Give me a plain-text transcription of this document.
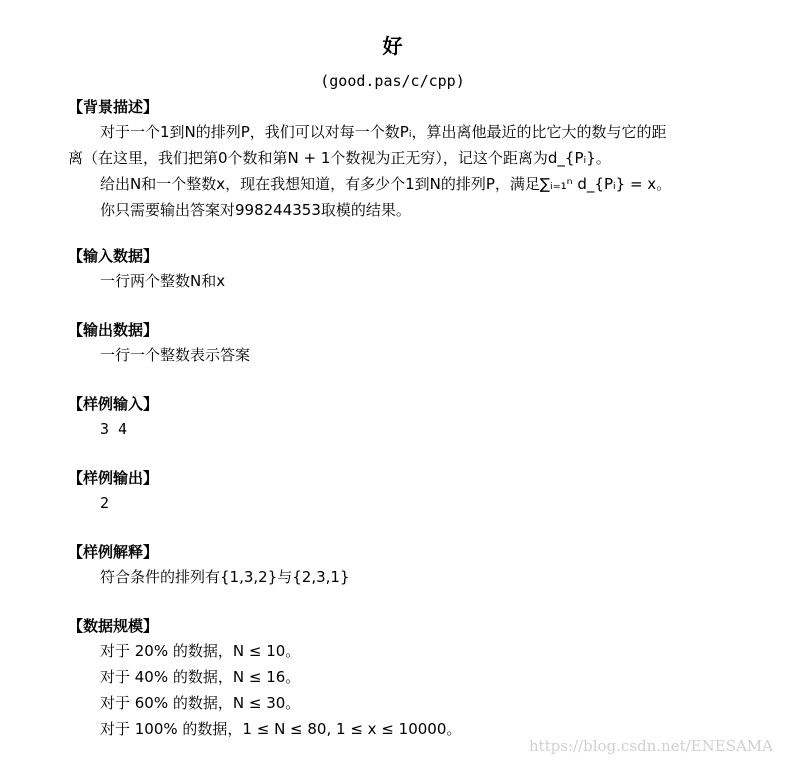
好
(good.pas/c/cpp)
【背景描述】
对于一个1到N的排列P，我们可以对每一个数Pᵢ，算出离他最近的比它大的数与它的距
离（在这里，我们把第0个数和第N + 1个数视为正无穷），记这个距离为d_{Pᵢ}。
给出N和一个整数x，现在我想知道，有多少个1到N的排列P，满足∑ᵢ₌₁ⁿ d_{Pᵢ} = x。
你只需要输出答案对998244353取模的结果。
【输入数据】
一行两个整数N和x
【输出数据】
一行一个整数表示答案
【样例输入】
3 4
【样例输出】
2
【样例解释】
符合条件的排列有{1,3,2}与{2,3,1}
【数据规模】
对于 20% 的数据，N ≤ 10。
对于 40% 的数据，N ≤ 16。
对于 60% 的数据，N ≤ 30。
对于 100% 的数据，1 ≤ N ≤ 80, 1 ≤ x ≤ 10000。
https://blog.csdn.net/ENESAMA
